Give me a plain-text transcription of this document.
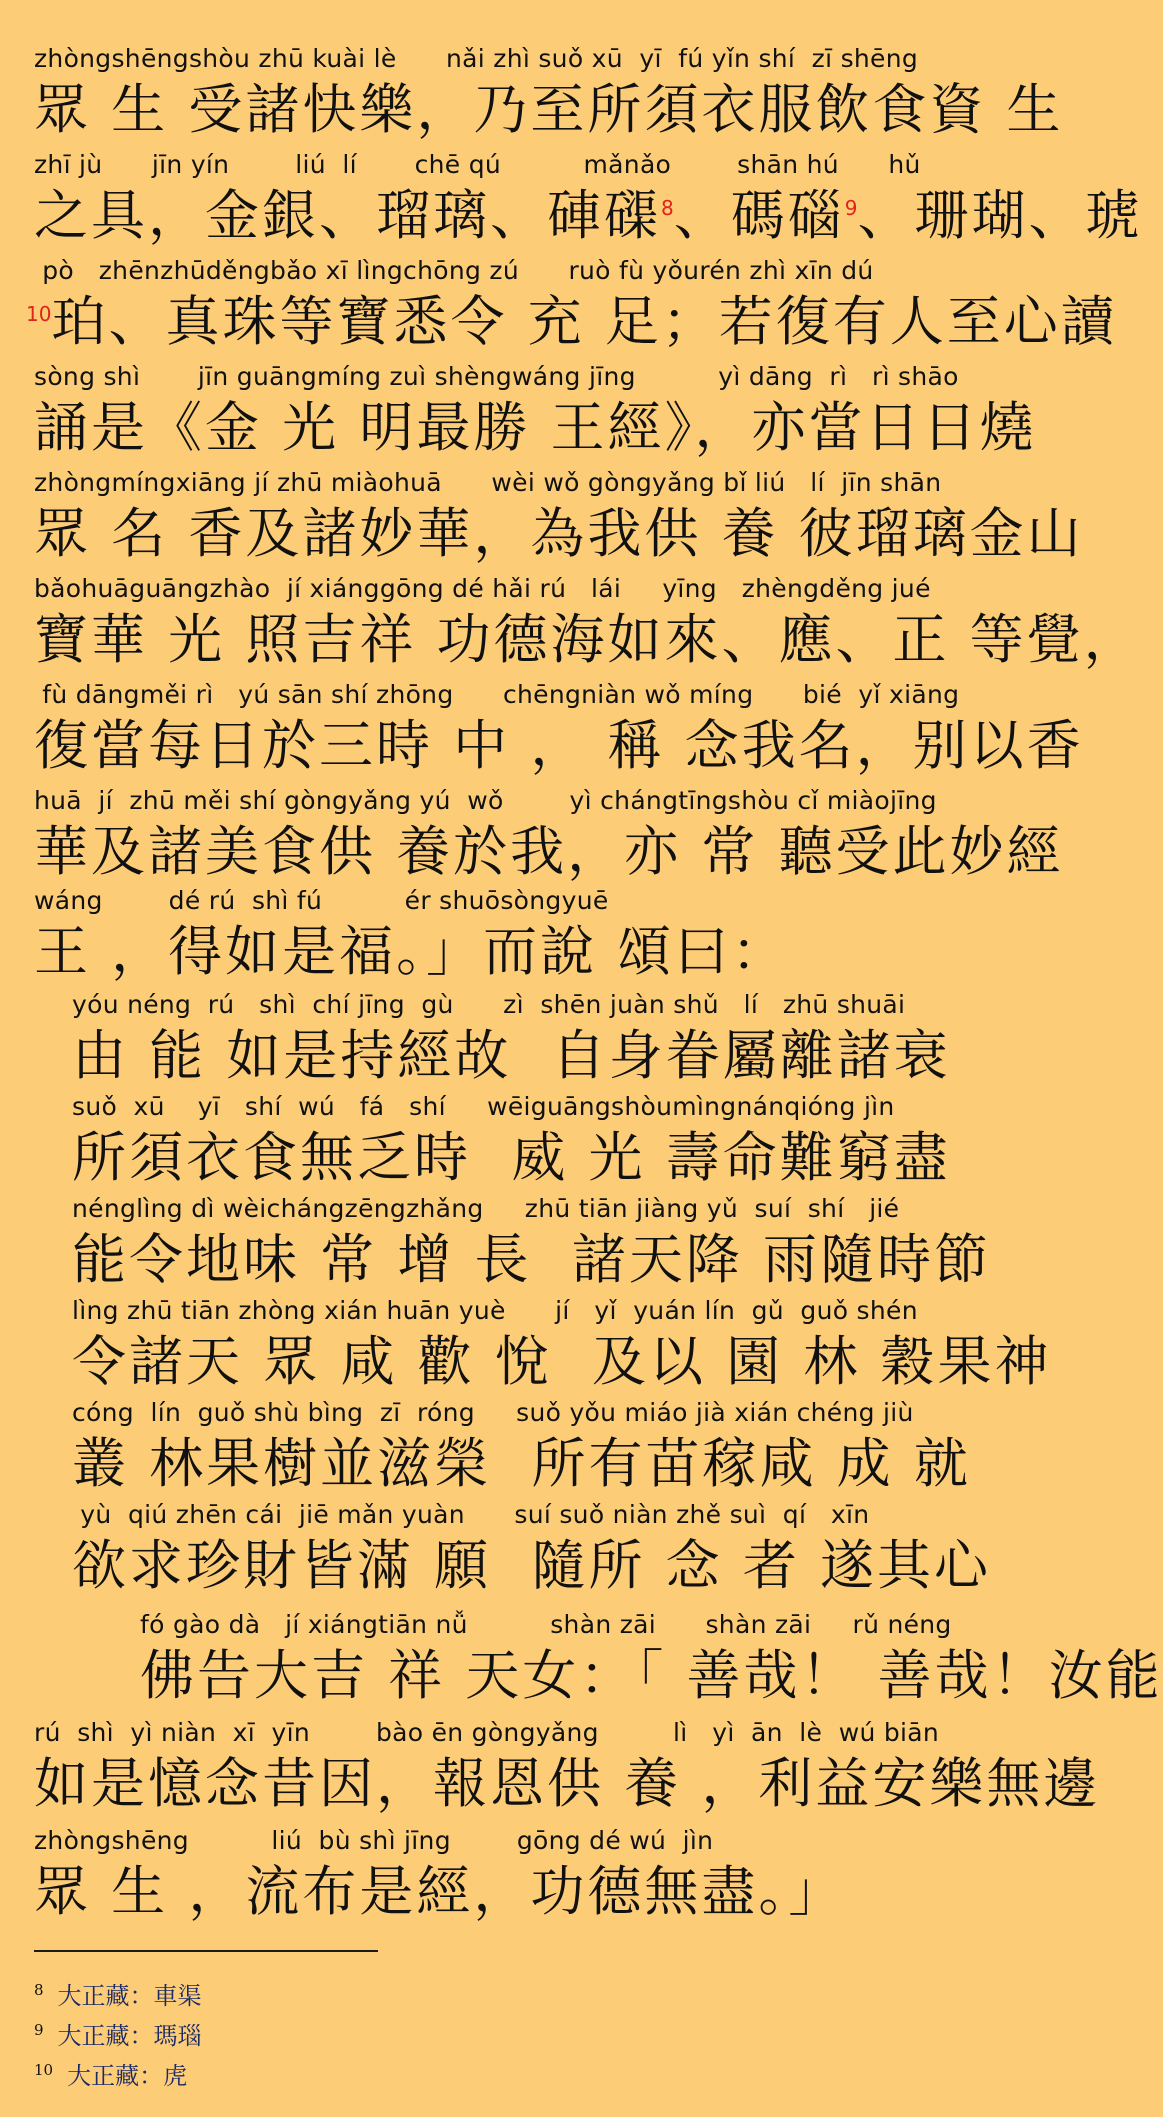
zhòngshēngshòu zhū kuài lè      nǎi zhì suǒ xū  yī  fú yǐn shí  zī shēng
眾 生 受諸快樂，乃至所須衣服飲食資 生
zhī jù      jīn yín        liú  lí       chē qú          mǎnǎo        shān hú      hǔ
之具，金銀、瑠璃、硨磲$^8$、碼碯$^9$、珊瑚、琥
pò   zhēnzhūděngbǎo xī lìngchōng zú      ruò fù yǒurén zhì xīn dú
$^{10}$珀、真珠等寶悉令 充 足；若復有人至心讀
sòng shì       jīn guāngmíng zuì shèngwáng jīng          yì dāng  rì   rì shāo
誦是《金 光 明最勝 王經》，亦當日日燒
zhòngmíngxiāng jí zhū miàohuā      wèi wǒ gòngyǎng bǐ liú   lí  jīn shān
眾 名 香及諸妙華，為我供 養 彼瑠璃金山
bǎohuāguāngzhào  jí xiánggōng dé hǎi rú   lái     yīng   zhèngděng jué
寶華 光 照吉祥 功德海如來、應、正 等覺，
fù dāngměi rì   yú sān shí zhōng      chēngniàn wǒ míng      bié  yǐ xiāng
復當每日於三時 中 ， 稱 念我名，别以香
huā  jí  zhū měi shí gòngyǎng yú  wǒ        yì chángtīngshòu cǐ miàojīng
華及諸美食供 養於我，亦 常 聽受此妙經
wáng        dé rú  shì fú          ér shuōsòngyuē
王 ，得如是福。」而說 頌曰：
yóu néng  rú   shì  chí jīng  gù      zì  shēn juàn shǔ   lí   zhū shuāi
由 能 如是持經故  自身眷屬離諸衰
suǒ  xū    yī   shí  wú   fá   shí     wēiguāngshòumìngnánqióng jìn
所須衣食無乏時  威 光 壽命難窮盡
nénglìng dì wèichángzēngzhǎng     zhū tiān jiàng yǔ  suí  shí   jié
能令地味 常 增 長  諸天降 雨隨時節
lìng zhū tiān zhòng xián huān yuè      jí   yǐ  yuán lín  gǔ  guǒ shén
令諸天 眾 咸 歡 悅  及以 園 林 穀果神
cóng  lín  guǒ shù bìng  zī  róng     suǒ yǒu miáo jià xián chéng jiù
叢 林果樹並滋榮  所有苗稼咸 成 就
yù  qiú zhēn cái  jiē mǎn yuàn      suí suǒ niàn zhě suì  qí   xīn
欲求珍財皆滿 願  隨所 念 者 遂其心
fó gào dà   jí xiángtiān nǚ          shàn zāi      shàn zāi     rǔ néng
佛告大吉 祥 天女：「 善哉！ 善哉！汝能
rú  shì  yì niàn  xī  yīn        bào ēn gòngyǎng         lì   yì  ān  lè  wú biān
如是憶念昔因，報恩供 養 ，利益安樂無邊
zhòngshēng          liú  bù shì jīng        gōng dé wú  jìn
眾 生 ，流布是經，功德無盡。」
$^8$ 大正藏：車渠
$^9$ 大正藏：瑪瑙
$^{10}$ 大正藏：虎
